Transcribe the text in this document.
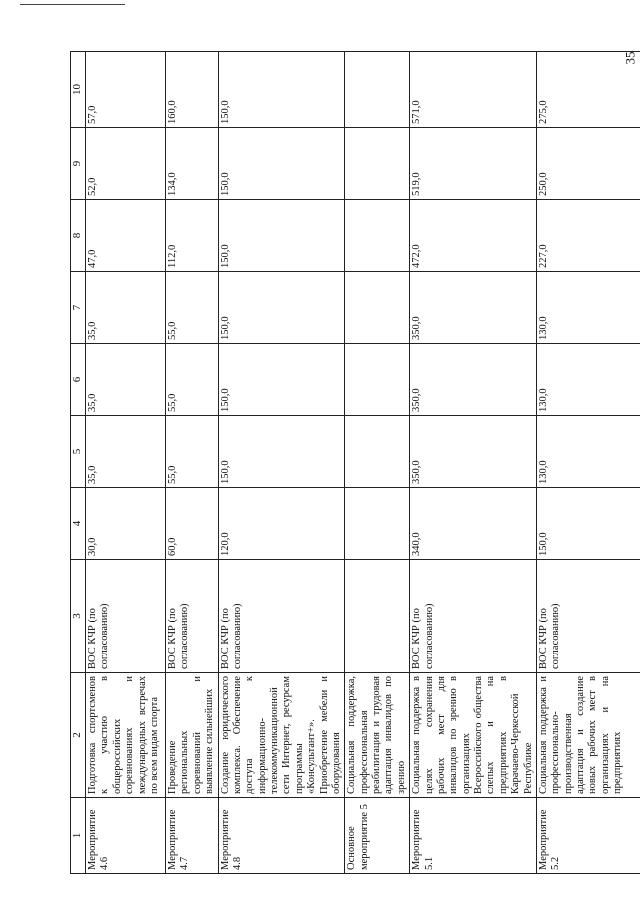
35
1	2	3	4	5	6	7	8	9	10
Мероприятие 4.6	Подготовка спортсменов к участию в общероссийских соревнованиях и международных встречах по всем видам спорта	ВОС КЧР (по согласованию)	30,0	35,0	35,0	35,0	47,0	52,0	57,0
Мероприятие 4.7	Проведение региональных соревнований и выявление сильнейших	ВОС КЧР (по согласованию)	60,0	55,0	55,0	55,0	112,0	134,0	160,0
Мероприятие 4.8	Создание юридического комплекса. Обеспечение доступа к информационно-телекоммуникационной сети Интернет, ресурсам программы «Консультант+». Приобретение мебели и оборудования	ВОС КЧР (по согласованию)	120,0	150,0	150,0	150,0	150,0	150,0	150,0
Основное мероприятие 5	Социальная поддержка, профессиональная реабилитация и трудовая адаптация инвалидов по зрению								
Мероприятие 5.1	Социальная поддержка в целях сохранения рабочих мест для инвалидов по зрению в организациях Всероссийского общества слепых и на предприятиях в Карачаево-Черкесской Республике	ВОС КЧР (по согласованию)	340,0	350,0	350,0	350,0	472,0	519,0	571,0
Мероприятие 5.2	Социальная поддержка и профессионально-производственная адаптация и создание новых рабочих мест в организациях и на предприятиях	ВОС КЧР (по согласованию)	150,0	130,0	130,0	130,0	227,0	250,0	275,0
